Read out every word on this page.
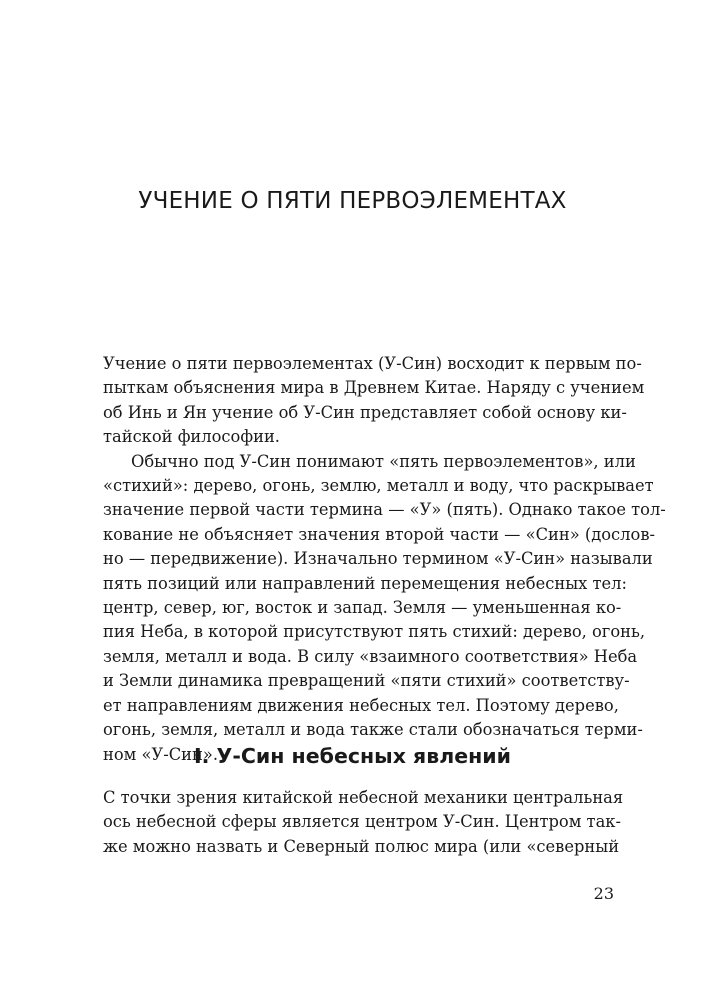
УЧЕНИЕ О ПЯТИ ПЕРВОЭЛЕМЕНТАХ
Учение о пяти первоэлементах (У-Син) восходит к первым по-
пыткам объяснения мира в Древнем Китае. Наряду с учением
об Инь и Ян учение об У-Син представляет собой основу ки-
тайской философии.
Обычно под У-Син понимают «пять первоэлементов», или
«стихий»: дерево, огонь, землю, металл и воду, что раскрывает
значение первой части термина — «У» (пять). Однако такое тол-
кование не объясняет значения второй части — «Син» (дослов-
но — передвижение). Изначально термином «У-Син» называли
пять позиций или направлений перемещения небесных тел:
центр, север, юг, восток и запад. Земля — уменьшенная ко-
пия Неба, в которой присутствуют пять стихий: дерево, огонь,
земля, металл и вода. В силу «взаимного соответствия» Неба
и Земли динамика превращений «пяти стихий» соответству-
ет направлениям движения небесных тел. Поэтому дерево,
огонь, земля, металл и вода также стали обозначаться терми-
ном «У-Син».
I. У-Син небесных явлений
С точки зрения китайской небесной механики центральная
ось небесной сферы является центром У-Син. Центром так-
же можно назвать и Северный полюс мира (или «северный
23
